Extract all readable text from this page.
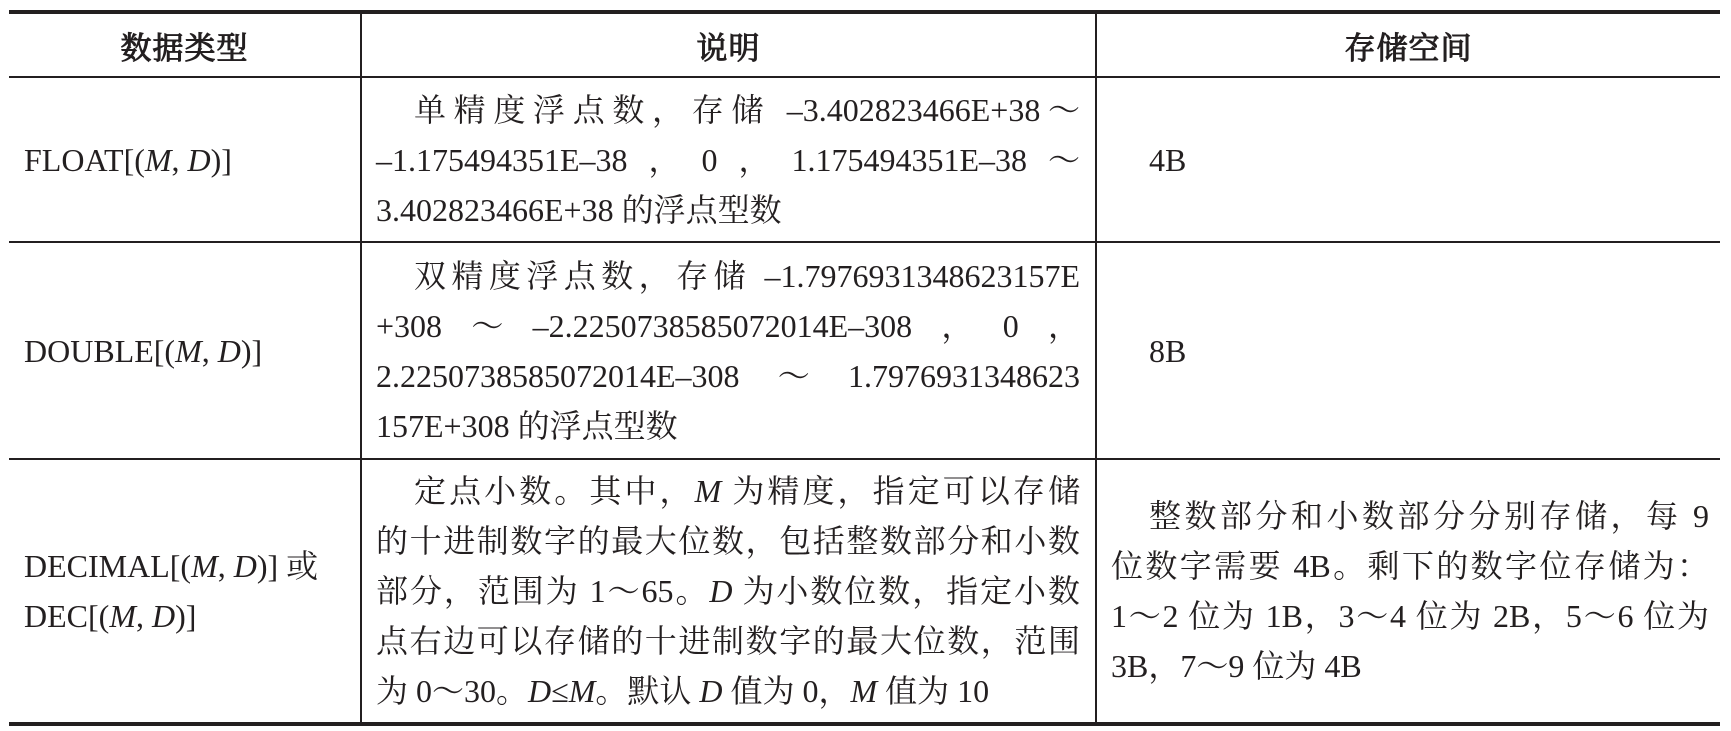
数据类型	说明	存储空间
FLOAT[(M, D)]
单精度浮点数，存储 –3.402823466E+38～
–1.175494351E–38，0，1.175494351E–38～
3.402823466E+38 的浮点型数
4B
DOUBLE[(M, D)]
双精度浮点数，存储 –1.7976931348623157E
+308～–2.2250738585072014E–308，0，
2.2250738585072014E–308～1.7976931348623
157E+308 的浮点型数
8B
DECIMAL[(M, D)] 或
DEC[(M, D)]
定点小数。其中，M 为精度，指定可以存储
的十进制数字的最大位数，包括整数部分和小数
部分，范围为 1～65。D 为小数位数，指定小数
点右边可以存储的十进制数字的最大位数，范围
为 0～30。D≤M。默认 D 值为 0，M 值为 10
整数部分和小数部分分别存储，每 9
位数字需要 4B。剩下的数字位存储为：
1～2 位为 1B，3～4 位为 2B，5～6 位为
3B，7～9 位为 4B
